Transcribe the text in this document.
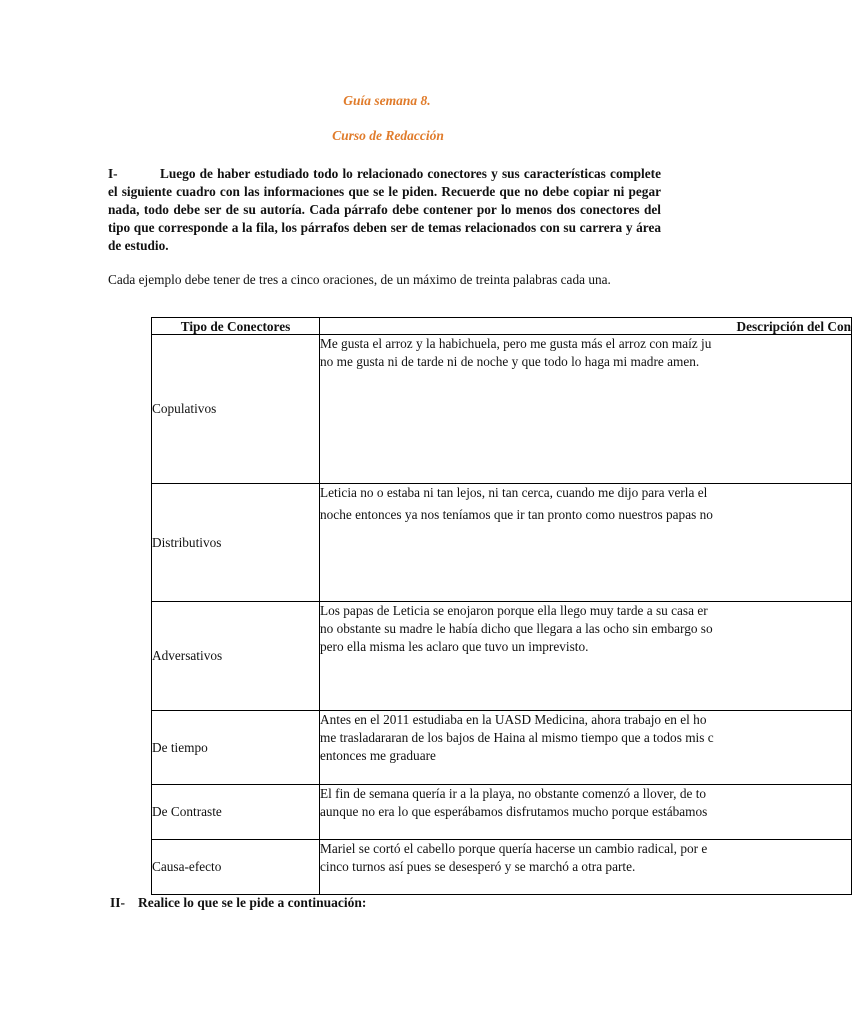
Guía semana 8.
Curso de Redacción
I-	Luego de haber estudiado todo lo relacionado conectores y sus características complete el siguiente cuadro con las informaciones que se le piden. Recuerde que no debe copiar ni pegar nada, todo debe ser de su autoría. Cada párrafo debe contener por lo menos dos conectores del tipo que corresponde a la fila, los párrafos deben ser de temas relacionados con su carrera y área de estudio.
Cada ejemplo debe tener de tres a cinco oraciones, de un máximo de treinta palabras cada una.
Tipo de Conectores	Descripción del Con
Copulativos	Me gusta el arroz y la habichuela, pero me gusta más el arroz con maíz ju
no me gusta ni de tarde ni de noche y que todo lo haga mi madre amen.

Distributivos	Leticia no o estaba ni tan lejos, ni tan cerca, cuando me dijo para verla el
noche entonces ya nos teníamos que ir tan pronto como nuestros papas no

Adversativos	Los papas de Leticia se enojaron porque ella llego muy tarde a su casa er
no obstante su madre le había dicho que llegara a las ocho sin embargo so
pero ella misma les aclaro que tuvo un imprevisto.

De tiempo	Antes en el 2011 estudiaba en la UASD Medicina, ahora trabajo en el ho
me trasladararan de los bajos de Haina al mismo tiempo que a todos mis c
entonces me graduare

De Contraste	El fin de semana quería ir a la playa, no obstante comenzó a llover, de to
aunque no era lo que esperábamos disfrutamos mucho porque estábamos

Causa-efecto	Mariel se cortó el cabello porque quería hacerse un cambio radical, por e
cinco turnos así pues se desesperó y se marchó a otra parte.
II- Realice lo que se le pide a continuación:
